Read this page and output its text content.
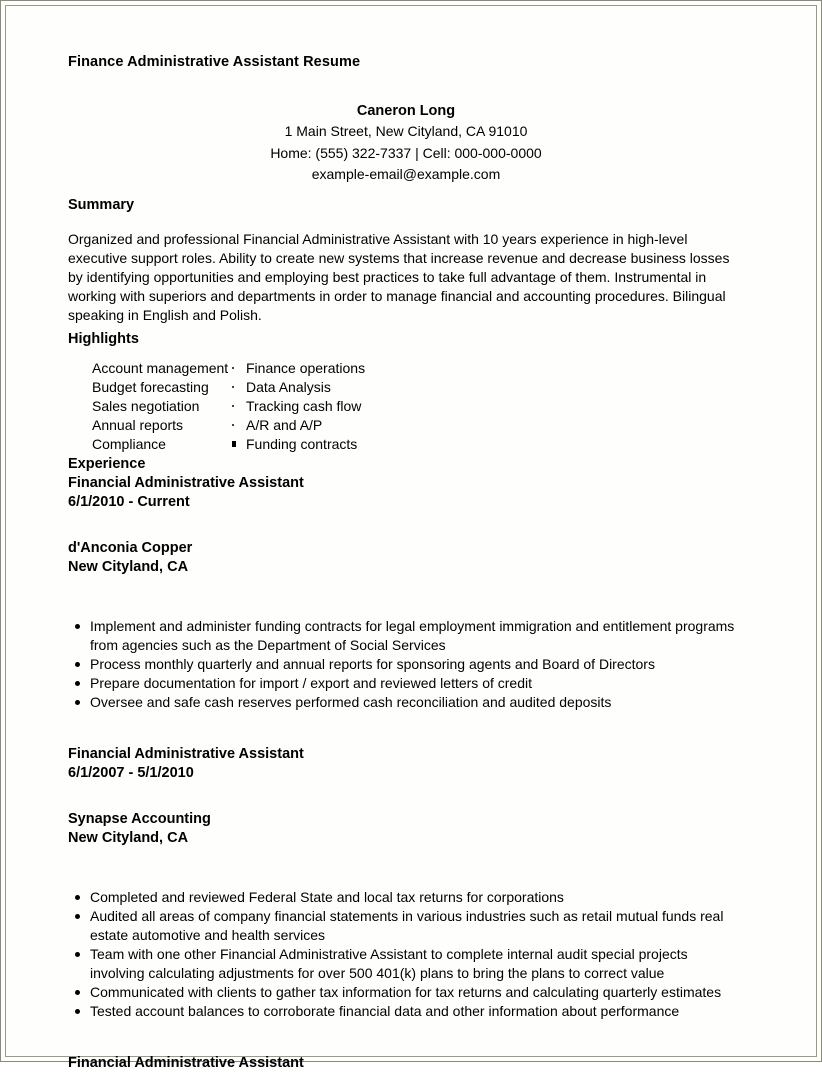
Finance Administrative Assistant Resume
Caneron Long
1 Main Street, New Cityland, CA 91010
Home: (555) 322-7337 | Cell: 000-000-0000
example-email@example.com
Summary
Organized and professional Financial Administrative Assistant with 10 years experience in high-level executive support roles. Ability to create new systems that increase revenue and decrease business losses by identifying opportunities and employing best practices to take full advantage of them. Instrumental in working with superiors and departments in order to manage financial and accounting procedures. Bilingual speaking in English and Polish.
Highlights
Account management
Budget forecasting
Sales negotiation
Annual reports
Compliance
Finance operations
Data Analysis
Tracking cash flow
A/R and A/P
Funding contracts
Experience
Financial Administrative Assistant
6/1/2010 - Current
d'Anconia Copper
New Cityland, CA
Implement and administer funding contracts for legal employment immigration and entitlement programs from agencies such as the Department of Social Services
Process monthly quarterly and annual reports for sponsoring agents and Board of Directors
Prepare documentation for import / export and reviewed letters of credit
Oversee and safe cash reserves performed cash reconciliation and audited deposits
Financial Administrative Assistant
6/1/2007 - 5/1/2010
Synapse Accounting
New Cityland, CA
Completed and reviewed Federal State and local tax returns for corporations
Audited all areas of company financial statements in various industries such as retail mutual funds real estate automotive and health services
Team with one other Financial Administrative Assistant to complete internal audit special projects involving calculating adjustments for over 500 401(k) plans to bring the plans to correct value
Communicated with clients to gather tax information for tax returns and calculating quarterly estimates
Tested account balances to corroborate financial data and other information about performance
Financial Administrative Assistant
